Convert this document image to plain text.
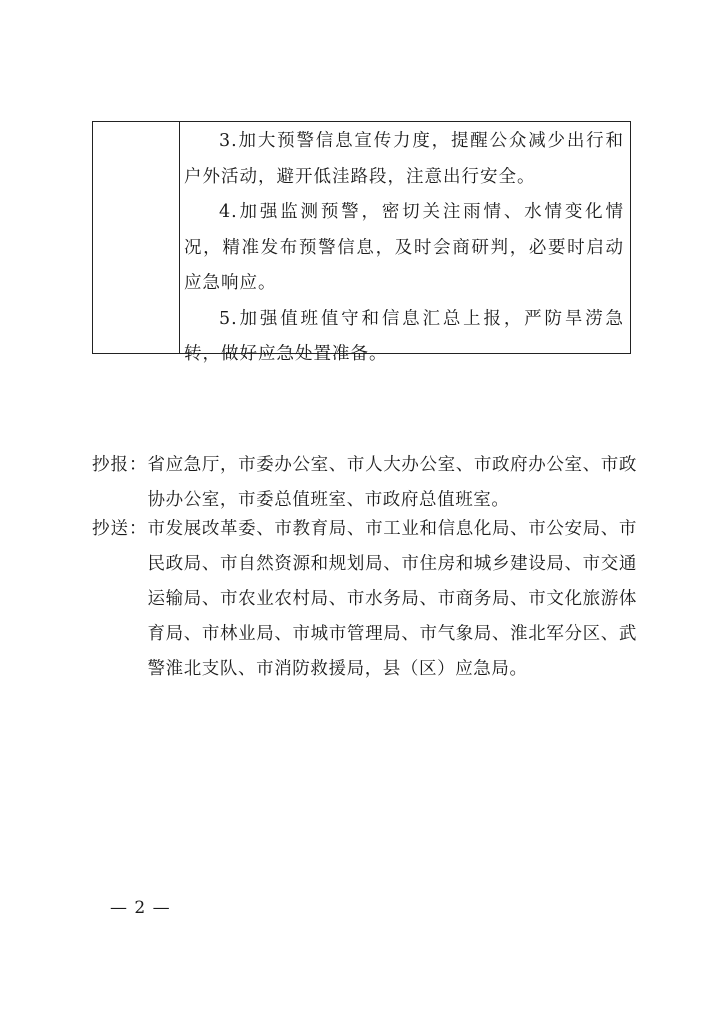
3.加大预警信息宣传力度，提醒公众减少出行和户外活动，避开低洼路段，注意出行安全。

4.加强监测预警，密切关注雨情、水情变化情况，精准发布预警信息，及时会商研判，必要时启动应急响应。

5.加强值班值守和信息汇总上报，严防旱涝急转，做好应急处置准备。

抄报： 省应急厅，市委办公室、市人大办公室、市政府办公室、市政协办公室，市委总值班室、市政府总值班室。
抄送： 市发展改革委、市教育局、市工业和信息化局、市公安局、市民政局、市自然资源和规划局、市住房和城乡建设局、市交通运输局、市农业农村局、市水务局、市商务局、市文化旅游体育局、市林业局、市城市管理局、市气象局、淮北军分区、武警淮北支队、市消防救援局，县（区）应急局。
— 2 —
